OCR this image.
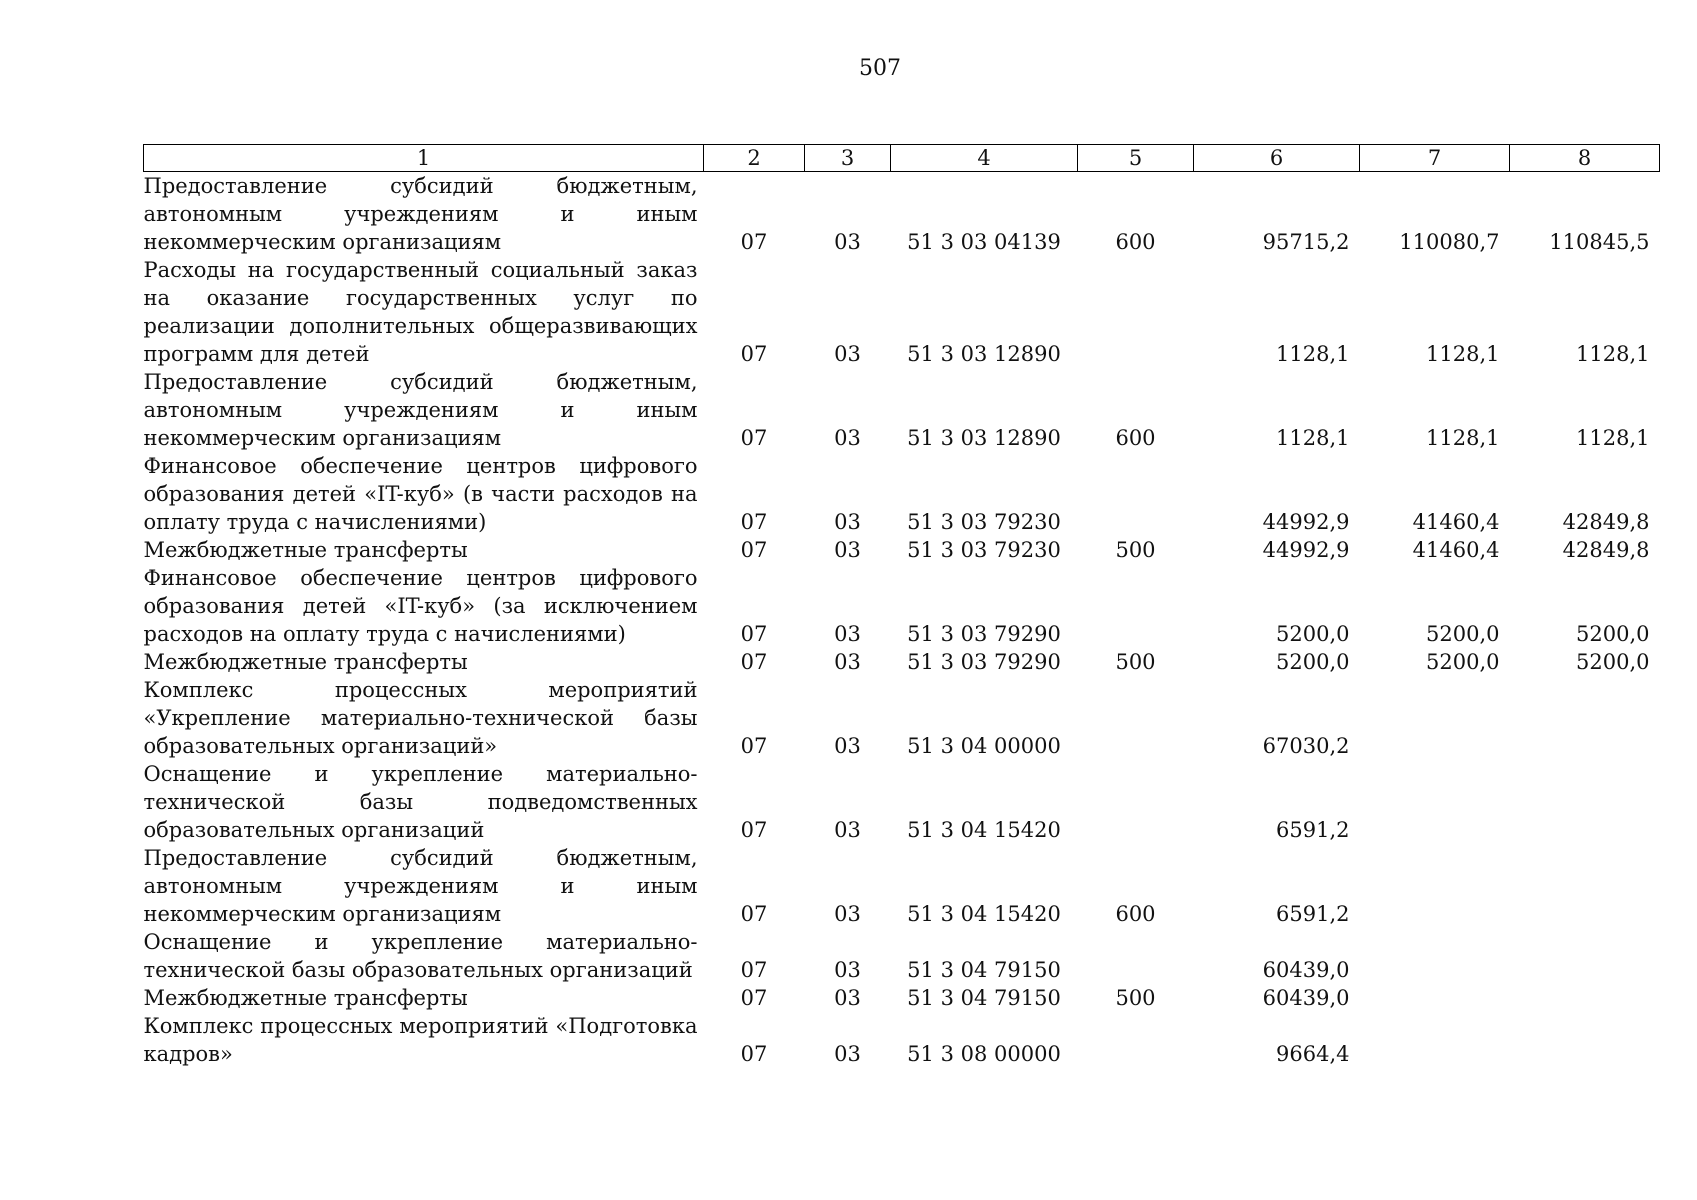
507
1	2	3	4	5	6	7	8
Предоставление субсидий бюджетным, автономным учреждениям и иным некоммерческим организациям	07	03	51 3 03 04139	600	95715,2	110080,7	110845,5
Расходы на государственный социальный заказ на оказание государственных услуг по реализации дополнительных общеразвивающих программ для детей	07	03	51 3 03 12890		1128,1	1128,1	1128,1
Предоставление субсидий бюджетным, автономным учреждениям и иным некоммерческим организациям	07	03	51 3 03 12890	600	1128,1	1128,1	1128,1
Финансовое обеспечение центров цифрового образования детей «IT-куб» (в части расходов на оплату труда с начислениями)	07	03	51 3 03 79230		44992,9	41460,4	42849,8
Межбюджетные трансферты	07	03	51 3 03 79230	500	44992,9	41460,4	42849,8
Финансовое обеспечение центров цифрового образования детей «IT-куб» (за исключением расходов на оплату труда с начислениями)	07	03	51 3 03 79290		5200,0	5200,0	5200,0
Межбюджетные трансферты	07	03	51 3 03 79290	500	5200,0	5200,0	5200,0
Комплекс процессных мероприятий «Укрепление материально-технической базы образовательных организаций»	07	03	51 3 04 00000		67030,2		
Оснащение и укрепление материально-технической базы подведомственных образовательных организаций	07	03	51 3 04 15420		6591,2		
Предоставление субсидий бюджетным, автономным учреждениям и иным некоммерческим организациям	07	03	51 3 04 15420	600	6591,2		
Оснащение и укрепление материально-технической базы образовательных организаций	07	03	51 3 04 79150		60439,0		
Межбюджетные трансферты	07	03	51 3 04 79150	500	60439,0		
Комплекс процессных мероприятий «Подготовка кадров»	07	03	51 3 08 00000		9664,4		
